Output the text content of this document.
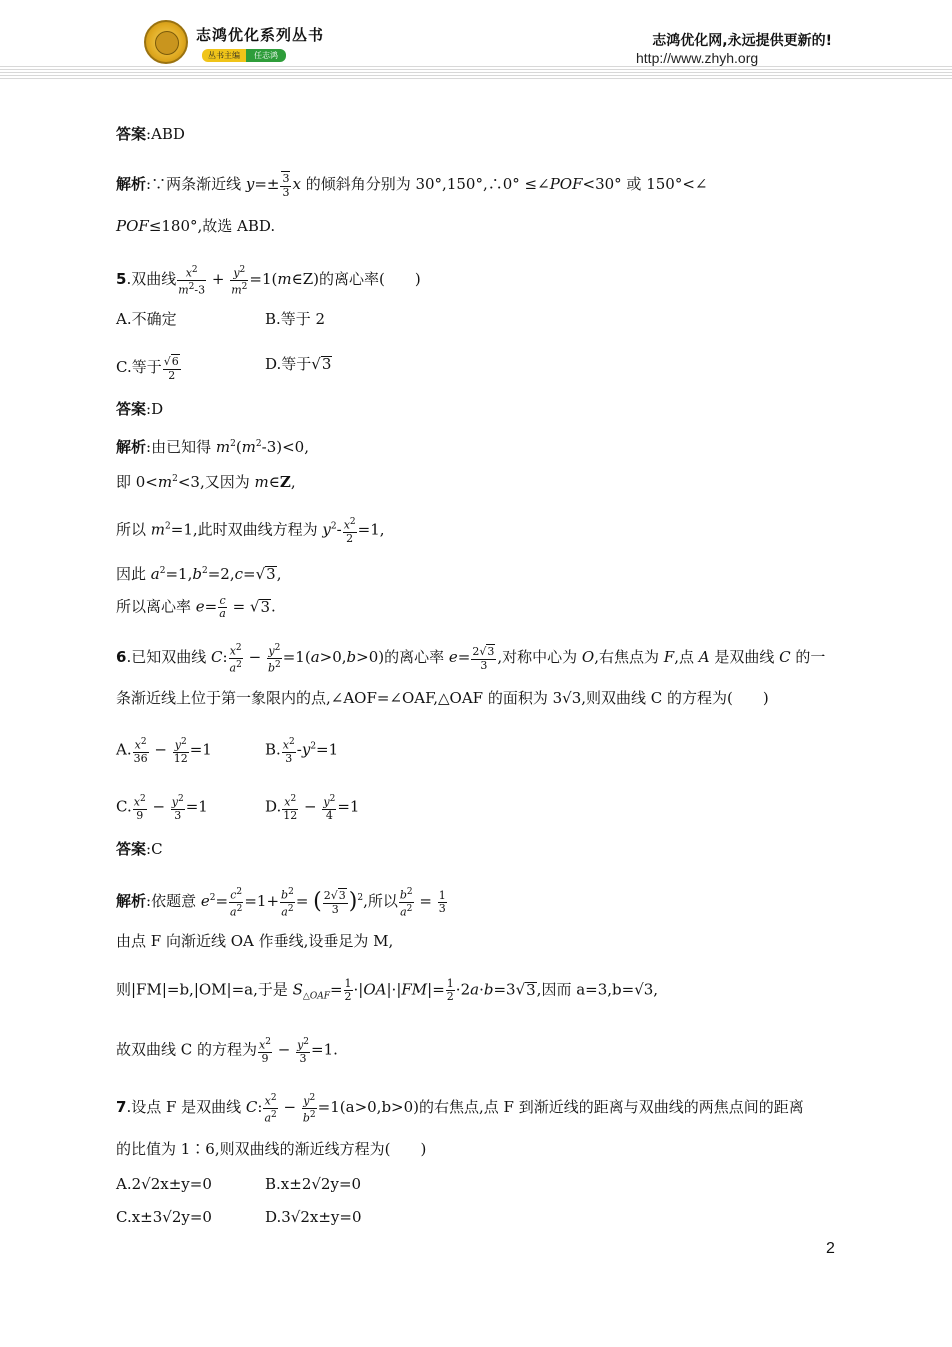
志鸿优化系列丛书
丛书主编	任志鸿
志鸿优化网,永远提供更新的!
http://www.zhyh.org
答案:ABD
解析:∵两条渐近线 $y=\pm \frac{3}{3}$ x 的倾斜角分别为 30°,150°,∴0° ≤∠POF<30° 或 150°<∠
POF≤180°,故选 ABD.
5.双曲线 $\frac{x^2}{m^2-3} + \frac{y^2}{m^2}$ =1(m∈Z)的离心率(　　)
A.不确定	B.等于 2
C.等于 $\frac{√6}{2}$	D.等于√3
答案:D
解析:由已知得 $m^2(m^2-3)<0$,
即 $0<m^2<3$,又因为 m∈Z,
所以 $m^2=1$,此时双曲线方程为 $y^2- \frac{x^2}{2} =1$,
因此 $a^2=1,b^2=2,c=√3$,
所以离心率 $e= \frac{c}{a} = √3$.
6.已知双曲线 C: $\frac{x^2}{a^2} - \frac{y^2}{b^2} =1(a>0,b>0)$的离心率 $e= \frac{2√3}{3}$ ,对称中心为 O,右焦点为 F,点 A 是双曲线 C 的一
条渐近线上位于第一象限内的点,∠AOF=∠OAF,△OAF 的面积为 3√3,则双曲线 C 的方程为(　　)
A. $\frac{x^2}{36} - \frac{y^2}{12} =1$	B. $\frac{x^2}{3} -y^2=1$
C. $\frac{x^2}{9} - \frac{y^2}{3} =1$	D. $\frac{x^2}{12} - \frac{y^2}{4} =1$
答案:C
解析:依题意 $e^2= \frac{c^2}{a^2} =1+ \frac{b^2}{a^2}$ = ( $\frac{2√3}{3} )^2$,所以 $\frac{b^2}{a^2} = \frac{1}{3}$
由点 F 向渐近线 OA 作垂线,设垂足为 M,
则|FM|=b,|OM|=a,于是 $S_{\triangle OAF}= \frac{1}{2} \cdot|OA|\cdot|FM|= \frac{1}{2} \cdot 2a\cdot b=3√3$,因而 a=3,b=√3,
故双曲线 C 的方程为 $\frac{x^2}{9} - \frac{y^2}{3} =1$.
7.设点 F 是双曲线 C: $\frac{x^2}{a^2} - \frac{y^2}{b^2} =1(a>0,b>0)$的右焦点,点 F 到渐近线的距离与双曲线的两焦点间的距离
的比值为 1∶6,则双曲线的渐近线方程为(　　)
A.2√2x±y=0	B.x±2√2y=0
C.x±3√2y=0	D.3√2x±y=0
2
